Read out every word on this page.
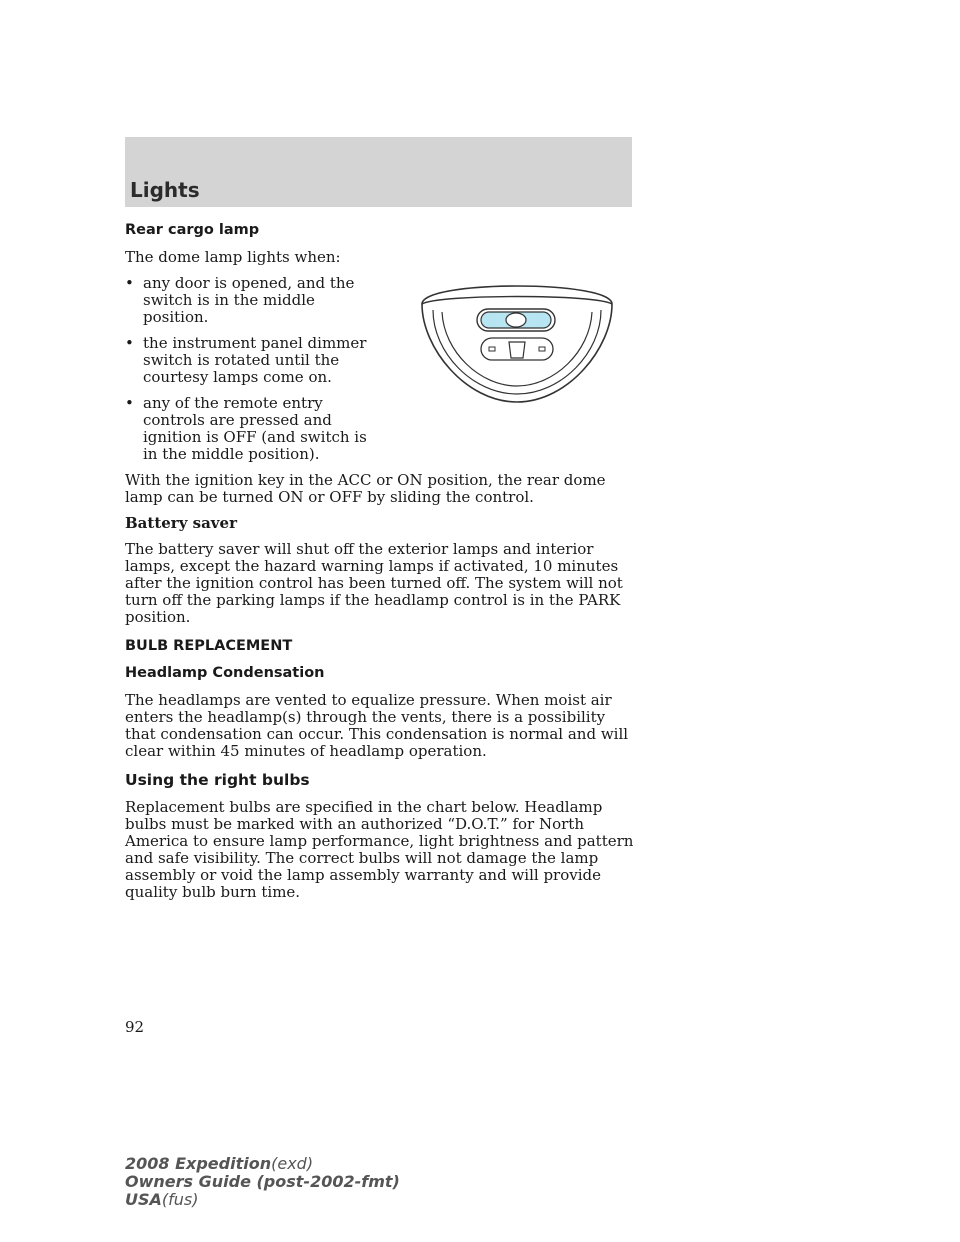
Lights
Rear cargo lamp

The dome lamp lights when:

• any door is opened, and the switch is in the middle position.
• the instrument panel dimmer switch is rotated until the courtesy lamps come on.
• any of the remote entry controls are pressed and ignition is OFF (and switch is in the middle position).

With the ignition key in the ACC or ON position, the rear dome lamp can be turned ON or OFF by sliding the control.

Battery saver

The battery saver will shut off the exterior lamps and interior lamps, except the hazard warning lamps if activated, 10 minutes after the ignition control has been turned off. The system will not turn off the parking lamps if the headlamp control is in the PARK position.

BULB REPLACEMENT
Headlamp Condensation

The headlamps are vented to equalize pressure. When moist air enters the headlamp(s) through the vents, there is a possibility that condensation can occur. This condensation is normal and will clear within 45 minutes of headlamp operation.

Using the right bulbs

Replacement bulbs are specified in the chart below. Headlamp bulbs must be marked with an authorized “D.O.T.” for North America to ensure lamp performance, light brightness and pattern and safe visibility. The correct bulbs will not damage the lamp assembly or void the lamp assembly warranty and will provide quality bulb burn time.

92
2008 Expedition(exd)
Owners Guide (post-2002-fmt)
USA(fus)
